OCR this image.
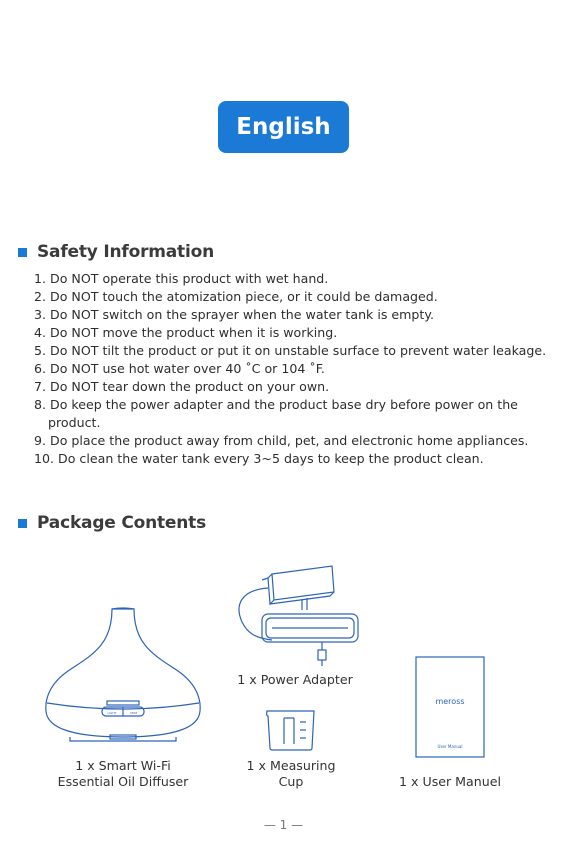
English
Safety Information
1. Do NOT operate this product with wet hand.
2. Do NOT touch the atomization piece, or it could be damaged.
3. Do NOT switch on the sprayer when the water tank is empty.
4. Do NOT move the product when it is working.
5. Do NOT tilt the product or put it on unstable surface to prevent water leakage.
6. Do NOT use hot water over 40 ˚C or 104 ˚F.
7. Do NOT tear down the product on your own.
8. Do keep the power adapter and the product base dry before power on the product.
9. Do place the product away from child, pet, and electronic home appliances.
10. Do clean the water tank every 3~5 days to keep the product clean.
Package Contents
LIGHT	MIST
1 x Smart Wi-Fi
Essential Oil Diffuser
1 x Power Adapter
1 x Measuring
Cup
meross
User Manual
1 x User Manuel
— 1 —
